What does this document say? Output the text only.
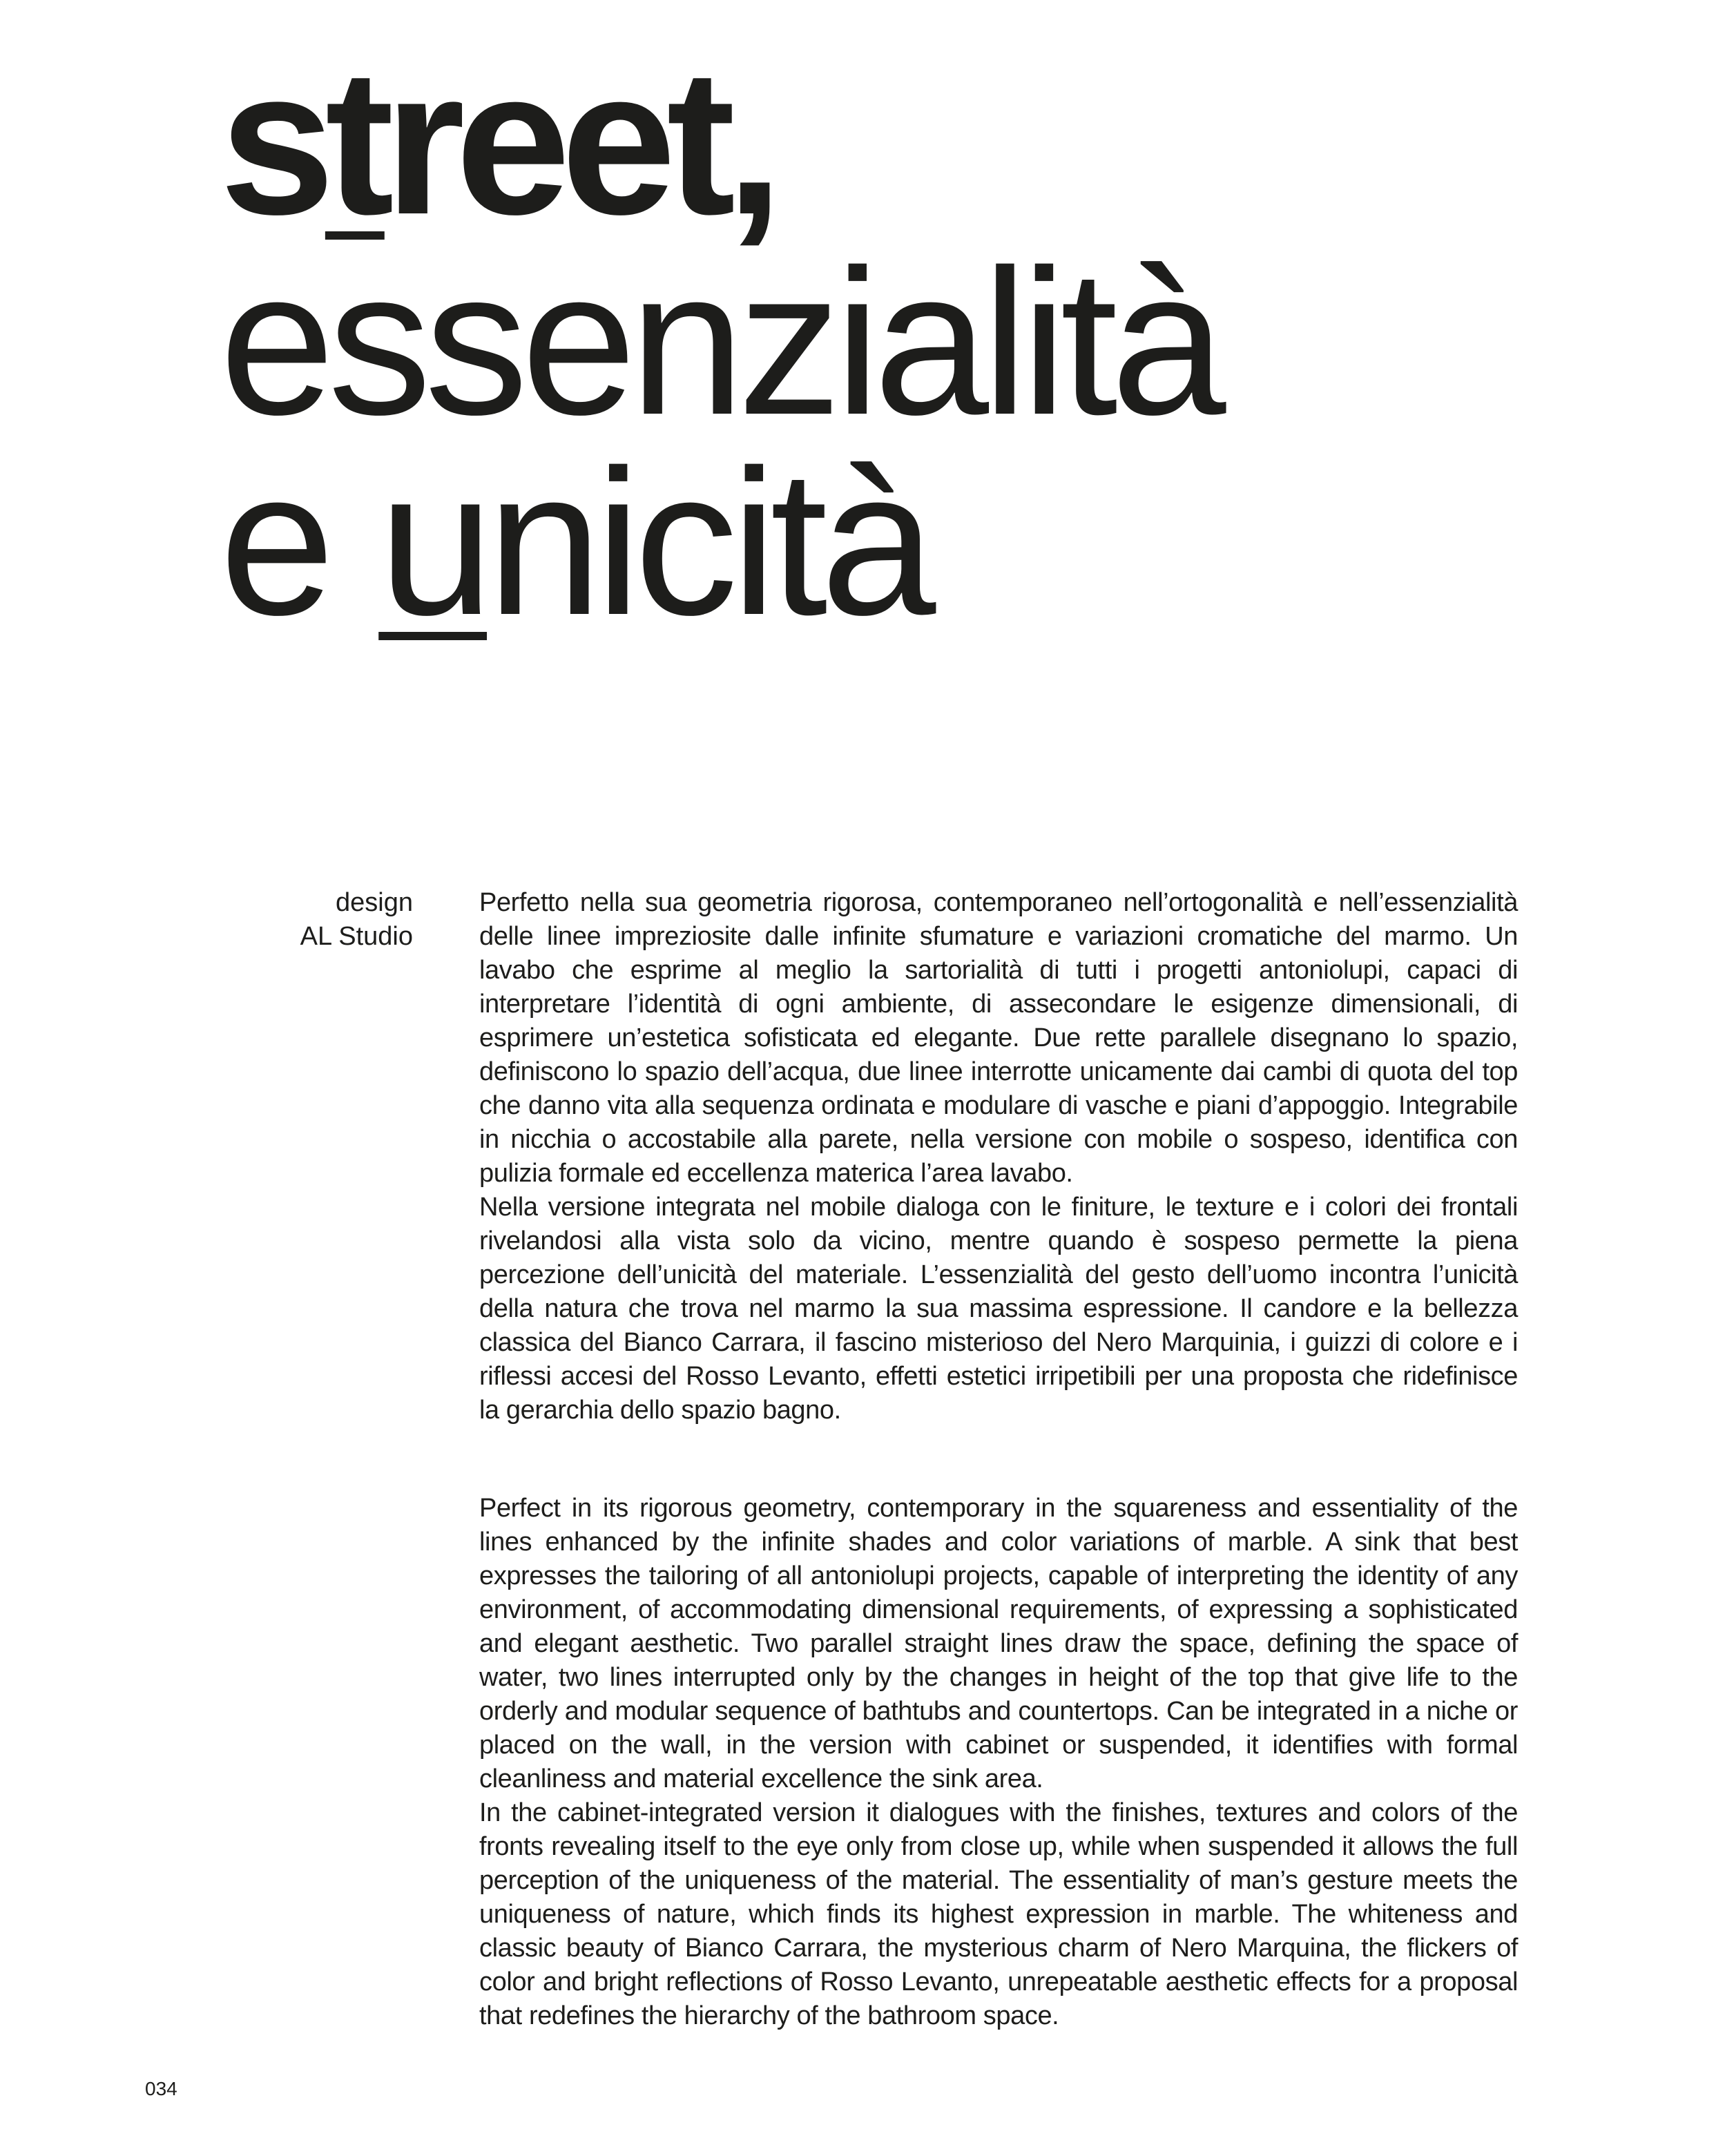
street,
essenzialità
e unicità
design
AL Studio

Perfetto nella sua geometria rigorosa, contemporaneo nell’ortogonalità e nell’essenzialità delle linee impreziosite dalle infinite sfumature e variazioni cromatiche del marmo. Un lavabo che esprime al meglio la sartorialità di tutti i progetti antoniolupi, capaci di interpretare l’identità di ogni ambiente, di assecondare le esigenze dimensionali, di esprimere un’estetica sofisticata ed elegante. Due rette parallele disegnano lo spazio, definiscono lo spazio dell’acqua, due linee interrotte unicamente dai cambi di quota del top che danno vita alla sequenza ordinata e modulare di vasche e piani d’appoggio. Integrabile in nicchia o accostabile alla parete, nella versione con mobile o sospeso, identifica con pulizia formale ed eccellenza materica l’area lavabo.

Nella versione integrata nel mobile dialoga con le finiture, le texture e i colori dei frontali rivelandosi alla vista solo da vicino, mentre quando è sospeso permette la piena percezione dell’unicità del materiale. L’essenzialità del gesto dell’uomo incontra l’unicità della natura che trova nel marmo la sua massima espressione. Il candore e la bellezza classica del Bianco Carrara, il fascino misterioso del Nero Marquinia, i guizzi di colore e i riflessi accesi del Rosso Levanto, effetti estetici irripetibili per una proposta che ridefinisce la gerarchia dello spazio bagno.

Perfect in its rigorous geometry, contemporary in the squareness and essentiality of the lines enhanced by the infinite shades and color variations of marble. A sink that best expresses the tailoring of all antoniolupi projects, capable of interpreting the identity of any environment, of accommodating dimensional requirements, of expressing a sophisticated and elegant aesthetic. Two parallel straight lines draw the space, defining the space of water, two lines interrupted only by the changes in height of the top that give life to the orderly and modular sequence of bathtubs and countertops. Can be integrated in a niche or placed on the wall, in the version with cabinet or suspended, it identifies with formal cleanliness and material excellence the sink area.

In the cabinet-integrated version it dialogues with the finishes, textures and colors of the fronts revealing itself to the eye only from close up, while when suspended it allows the full perception of the uniqueness of the material. The essentiality of man’s gesture meets the uniqueness of nature, which finds its highest expression in marble. The whiteness and classic beauty of Bianco Carrara, the mysterious charm of Nero Marquina, the flickers of color and bright reflections of Rosso Levanto, unrepeatable aesthetic effects for a proposal that redefines the hierarchy of the bathroom space.

034
